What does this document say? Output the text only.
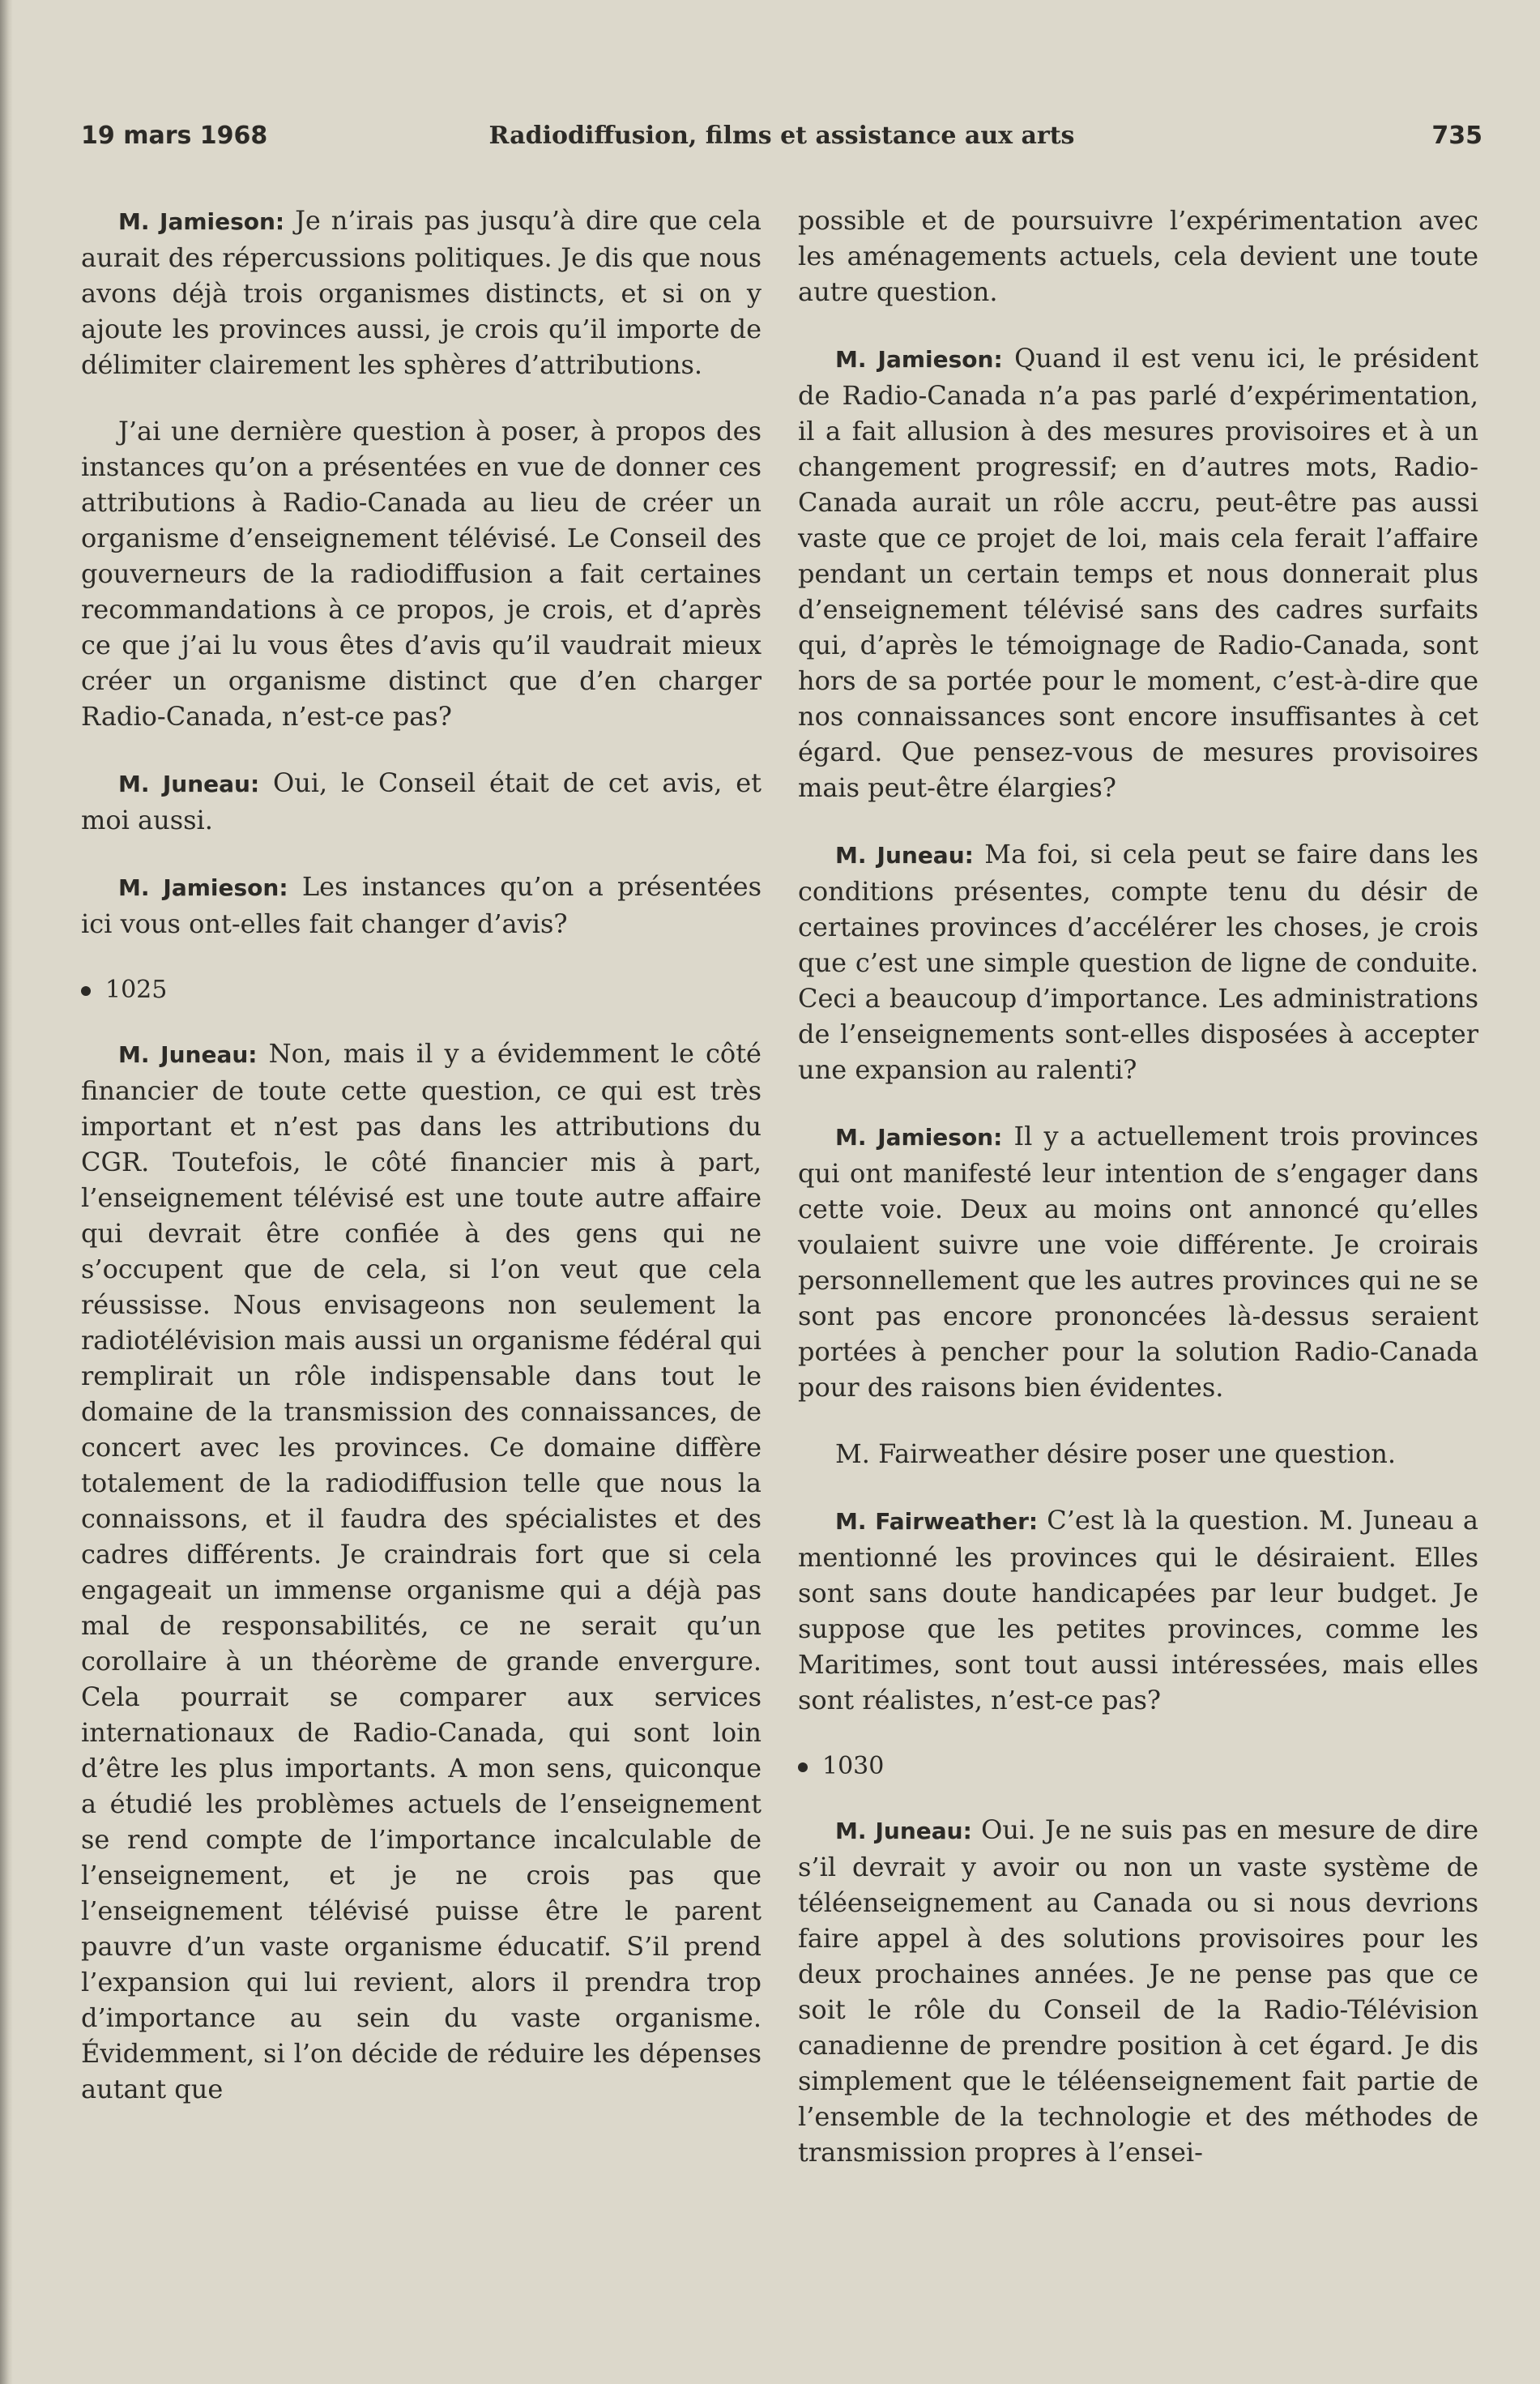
19 mars 1968	Radiodiffusion, films et assistance aux arts	735

M. Jamieson: Je n’irais pas jusqu’à dire que cela aurait des répercussions politiques. Je dis que nous avons déjà trois organismes distincts, et si on y ajoute les provinces aussi, je crois qu’il importe de délimiter clairement les sphères d’attributions.

J’ai une dernière question à poser, à propos des instances qu’on a présentées en vue de donner ces attributions à Radio-Canada au lieu de créer un organisme d’enseignement télévisé. Le Conseil des gouverneurs de la radiodiffusion a fait certaines recommandations à ce propos, je crois, et d’après ce que j’ai lu vous êtes d’avis qu’il vaudrait mieux créer un organisme distinct que d’en charger Radio-Canada, n’est-ce pas?

M. Juneau: Oui, le Conseil était de cet avis, et moi aussi.

M. Jamieson: Les instances qu’on a présentées ici vous ont-elles fait changer d’avis?

1025

M. Juneau: Non, mais il y a évidemment le côté financier de toute cette question, ce qui est très important et n’est pas dans les attributions du CGR. Toutefois, le côté financier mis à part, l’enseignement télévisé est une toute autre affaire qui devrait être confiée à des gens qui ne s’occupent que de cela, si l’on veut que cela réussisse. Nous envisageons non seulement la radiotélévision mais aussi un organisme fédéral qui remplirait un rôle indispensable dans tout le domaine de la transmission des connaissances, de concert avec les provinces. Ce domaine diffère totalement de la radiodiffusion telle que nous la connaissons, et il faudra des spécialistes et des cadres différents. Je craindrais fort que si cela engageait un immense organisme qui a déjà pas mal de responsabilités, ce ne serait qu’un corollaire à un théorème de grande envergure. Cela pourrait se comparer aux services internationaux de Radio-Canada, qui sont loin d’être les plus importants. A mon sens, quiconque a étudié les problèmes actuels de l’enseignement se rend compte de l’importance incalculable de l’enseignement, et je ne crois pas que l’enseignement télévisé puisse être le parent pauvre d’un vaste organisme éducatif. S’il prend l’expansion qui lui revient, alors il prendra trop d’importance au sein du vaste organisme. Évidemment, si l’on décide de réduire les dépenses autant que

possible et de poursuivre l’expérimentation avec les aménagements actuels, cela devient une toute autre question.

M. Jamieson: Quand il est venu ici, le président de Radio-Canada n’a pas parlé d’expérimentation, il a fait allusion à des mesures provisoires et à un changement progressif; en d’autres mots, Radio-Canada aurait un rôle accru, peut-être pas aussi vaste que ce projet de loi, mais cela ferait l’affaire pendant un certain temps et nous donnerait plus d’enseignement télévisé sans des cadres surfaits qui, d’après le témoignage de Radio-Canada, sont hors de sa portée pour le moment, c’est-à-dire que nos connaissances sont encore insuffisantes à cet égard. Que pensez-vous de mesures provisoires mais peut-être élargies?

M. Juneau: Ma foi, si cela peut se faire dans les conditions présentes, compte tenu du désir de certaines provinces d’accélérer les choses, je crois que c’est une simple question de ligne de conduite. Ceci a beaucoup d’importance. Les administrations de l’enseignements sont-elles disposées à accepter une expansion au ralenti?

M. Jamieson: Il y a actuellement trois provinces qui ont manifesté leur intention de s’engager dans cette voie. Deux au moins ont annoncé qu’elles voulaient suivre une voie différente. Je croirais personnellement que les autres provinces qui ne se sont pas encore prononcées là-dessus seraient portées à pencher pour la solution Radio-Canada pour des raisons bien évidentes.

M. Fairweather désire poser une question.

M. Fairweather: C’est là la question. M. Juneau a mentionné les provinces qui le désiraient. Elles sont sans doute handicapées par leur budget. Je suppose que les petites provinces, comme les Maritimes, sont tout aussi intéressées, mais elles sont réalistes, n’est-ce pas?

1030

M. Juneau: Oui. Je ne suis pas en mesure de dire s’il devrait y avoir ou non un vaste système de téléenseignement au Canada ou si nous devrions faire appel à des solutions provisoires pour les deux prochaines années. Je ne pense pas que ce soit le rôle du Conseil de la Radio-Télévision canadienne de prendre position à cet égard. Je dis simplement que le téléenseignement fait partie de l’ensemble de la technologie et des méthodes de transmission propres à l’ensei-
